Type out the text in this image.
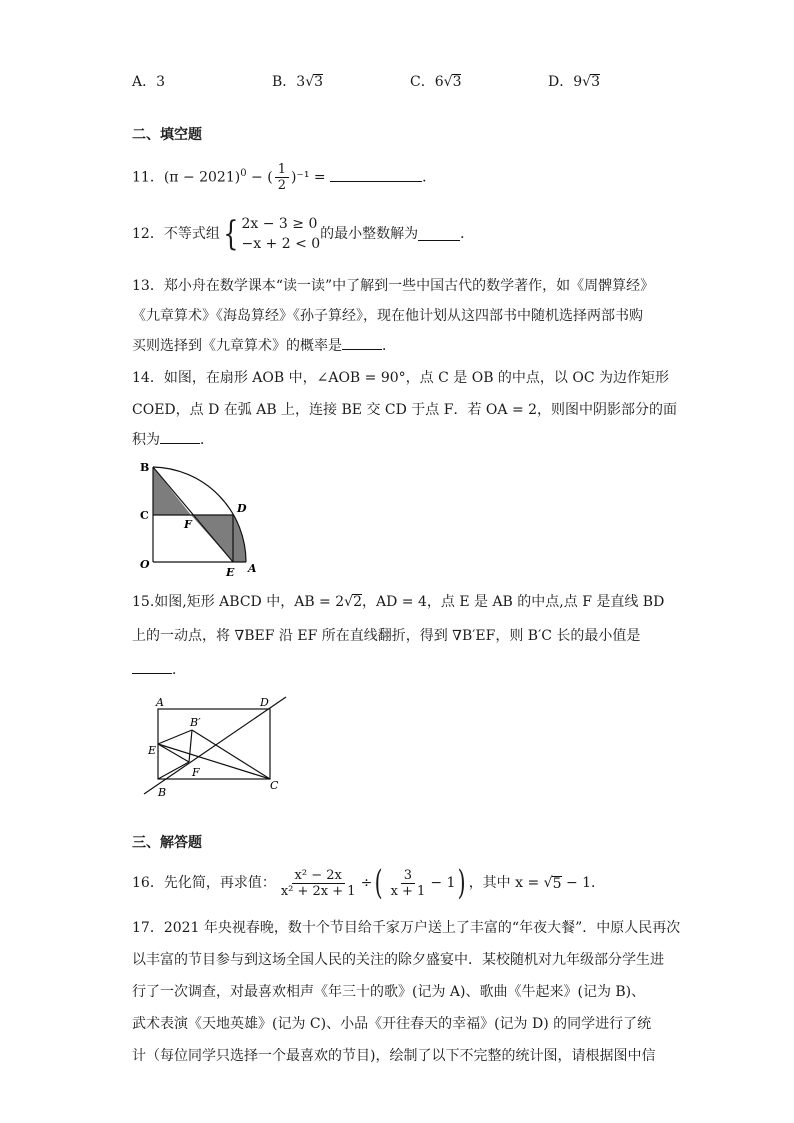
A．3	B．3√3	C．6√3	D．9√3
二、填空题
11．$(\pi - 2021)^0$ − ( $\frac{1}{2} )^{-1}$ =	．
12．不等式组{ 2x − 3 ≥ 0
−x + 2 < 0
的最小整数解为	．
13．郑小舟在数学课本“读一读”中了解到一些中国古代的数学著作，如《周髀算经》
《九章算术》《海岛算经》《孙子算经》，现在他计划从这四部书中随机选择两部书购
买则选择到《九章算术》的概率是	．
14．如图，在扇形 AOB 中，∠AOB = 90°，点 C 是 OB 的中点，以 OC 为边作矩形
COED，点 D 在弧 AB 上，连接 BE 交 CD 于点 F．若 OA = 2，则图中阴影部分的面
积为	．
B
C
F
D
O
E A
15.如图,矩形 ABCD 中，AB = 2√2，AD = 4，点 E 是 AB 的中点,点 F 是直线 BD
上的一动点，将 ∇BEF 沿 EF 所在直线翻折，得到 ∇B′EF，则 B′C 长的最小值是
．
A	D
B′
E
F
B
C
三、解答题
16．先化简，再求值： $\frac{\text{x² − 2x}}{\text{x² + 2x + 1}}$ ÷( $\frac{3}{x + 1} - 1$) ，其中 x = √5 − 1．
17．2021 年央视春晚，数十个节目给千家万户送上了丰富的“年夜大餐”．中原人民再次
以丰富的节目参与到这场全国人民的关注的除夕盛宴中．某校随机对九年级部分学生进
行了一次调查，对最喜欢相声《年三十的歌》(记为 A)、歌曲《牛起来》(记为 B)、
武术表演《天地英雄》(记为 C)、小品《开往春天的幸福》(记为 D) 的同学进行了统
计（每位同学只选择一个最喜欢的节目)，绘制了以下不完整的统计图，请根据图中信
